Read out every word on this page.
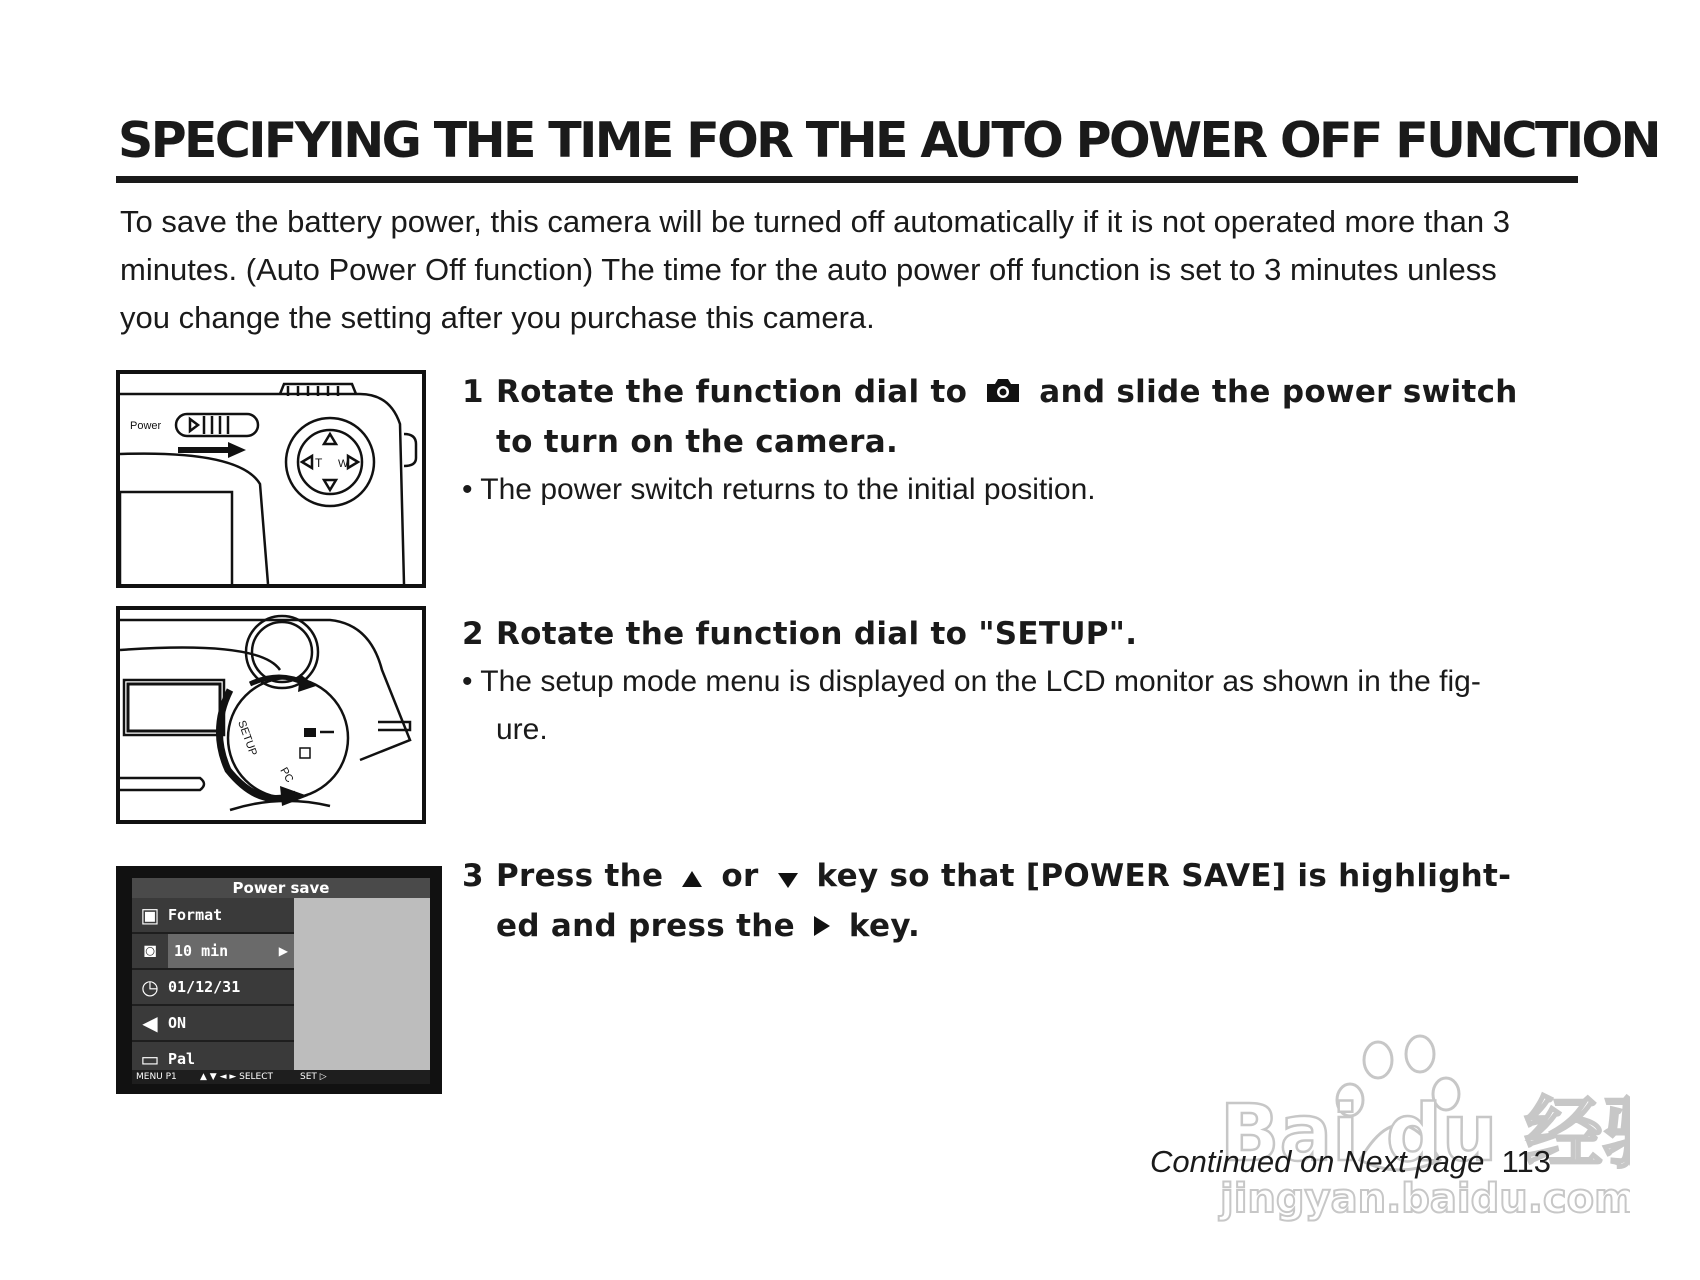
SPECIFYING THE TIME FOR THE AUTO POWER OFF FUNCTION
To save the battery power, this camera will be turned off automatically if it is not operated more than 3
minutes. (Auto Power Off function) The time for the auto power off function is set to 3 minutes unless
you change the setting after you purchase this camera.
Power
T W
SETUP
PC
Power save
▣ Format
◙	10 min	▶
◷ 01/12/31
◀ ON
▭ Pal
MENU P1	▲ ▼ ◄ ► SELECT	SET ▷
1 Rotate the function dial to and slide the power switch
to turn on the camera.
• The power switch returns to the initial position.
2 Rotate the function dial to "SETUP".
• The setup mode menu is displayed on the LCD monitor as shown in the fig-
ure.
3 Press the or key so that [POWER SAVE] is highlight-
ed and press the key.
Bai du 经
jingyan.baidu.com
Continued on Next page 113
